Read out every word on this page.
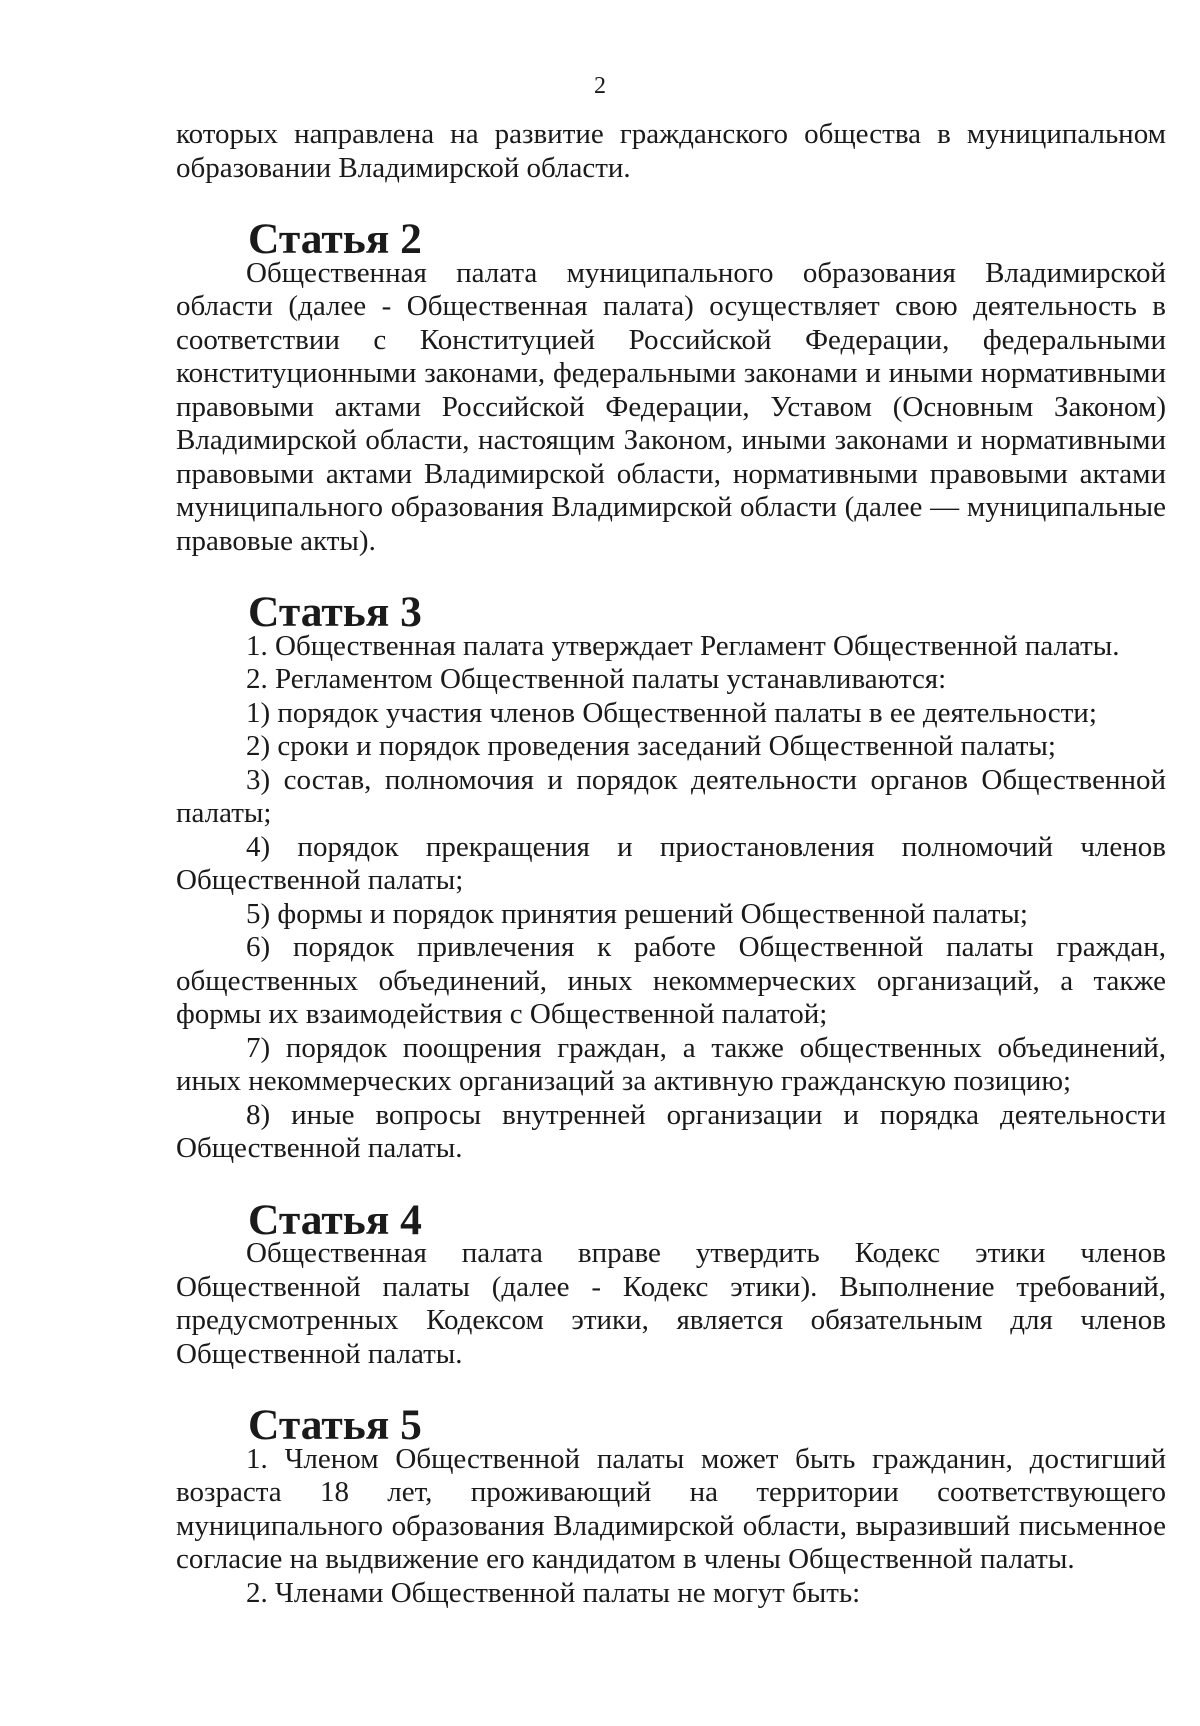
2

которых направлена на развитие гражданского общества в муниципальном образовании Владимирской области.

Статья 2

Общественная палата муниципального образования Владимирской области (далее - Общественная палата) осуществляет свою деятельность в соответствии с Конституцией Российской Федерации, федеральными конституционными законами, федеральными законами и иными нормативными правовыми актами Российской Федерации, Уставом (Основным Законом) Владимирской области, настоящим Законом, иными законами и нормативными правовыми актами Владимирской области, нормативными правовыми актами муниципального образования Владимирской области (далее — муниципальные правовые акты).

Статья 3

1. Общественная палата утверждает Регламент Общественной палаты.

2. Регламентом Общественной палаты устанавливаются:

1) порядок участия членов Общественной палаты в ее деятельности;

2) сроки и порядок проведения заседаний Общественной палаты;

3) состав, полномочия и порядок деятельности органов Общественной палаты;

4) порядок прекращения и приостановления полномочий членов Общественной палаты;

5) формы и порядок принятия решений Общественной палаты;

6) порядок привлечения к работе Общественной палаты граждан, общественных объединений, иных некоммерческих организаций, а также формы их взаимодействия с Общественной палатой;

7) порядок поощрения граждан, а также общественных объединений, иных некоммерческих организаций за активную гражданскую позицию;

8) иные вопросы внутренней организации и порядка деятельности Общественной палаты.

Статья 4

Общественная палата вправе утвердить Кодекс этики членов Общественной палаты (далее - Кодекс этики). Выполнение требований, предусмотренных Кодексом этики, является обязательным для членов Общественной палаты.

Статья 5

1. Членом Общественной палаты может быть гражданин, достигший возраста 18 лет, проживающий на территории соответствующего муниципального образования Владимирской области, выразивший письменное согласие на выдвижение его кандидатом в члены Общественной палаты.

2. Членами Общественной палаты не могут быть:
